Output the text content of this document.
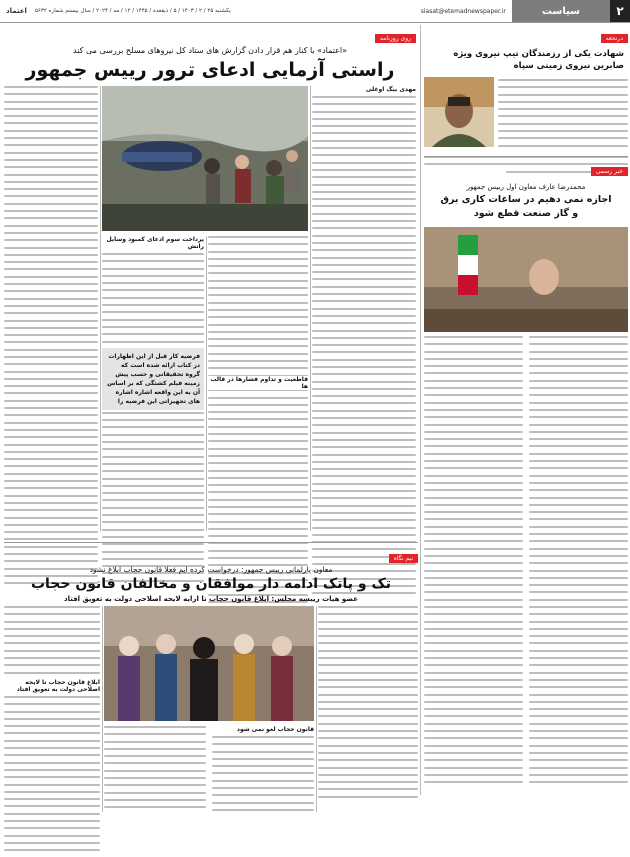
اعتماد یکشنبه ۲۵ / ۲ / ۱۴۰۳ / ۵ / ذیقعده / ۱۴۴۵ / ۱۲ / مه / ۲۰۲۴ / سال بیستم شماره ۵۶۳۲	siasat@etemadnewspaper.ir	سیاست	۲
درنجعه
شهادت یکی از رزمندگان تیپ نیروی ویژه صابرین نیروی زمینی سپاه
خبر رسمی
محمدرضا عارف معاون اول رییس جمهور
اجازه نمی دهیم در ساعات کاری برق و گاز صنعت قطع شود
روی روزنامه
«اعتماد» با کنار هم قرار دادن گزارش های ستاد کل نیروهای مسلح بررسی می کند
راستی آزمایی ادعای ترور رییس جمهور
مهدی بیگ اوغلی
پرداخت سوم ادعای کمبود وسایل رانش
فرضیه کار قبل از این اظهارات در کتاب ارائه شده است که گروه تحقیقاتی و حسب پیش زمینه فیلم کشتگی که بر اساس آن به این واقعه اشاره اشاره های تجهیزاتی این فرضیه را
قاطعیت و تداوم فشارها در قالب ها
نیم نگاه
معاون پارلمانی رییس جمهور: درخواست کرده ایم فعلا قانون حجاب ابلاغ نشود
تک و پاتک ادامه دار موافقان و مخالفان قانون حجاب
عضو هیات رییسه مجلس: ابلاغ قانون حجاب تا ارایه لایحه اصلاحی دولت به تعویق افتاد
ابلاغ قانون حجاب تا لایحه اصلاحی دولت به تعویق افتاد
قانون حجاب لغو نمی شود
